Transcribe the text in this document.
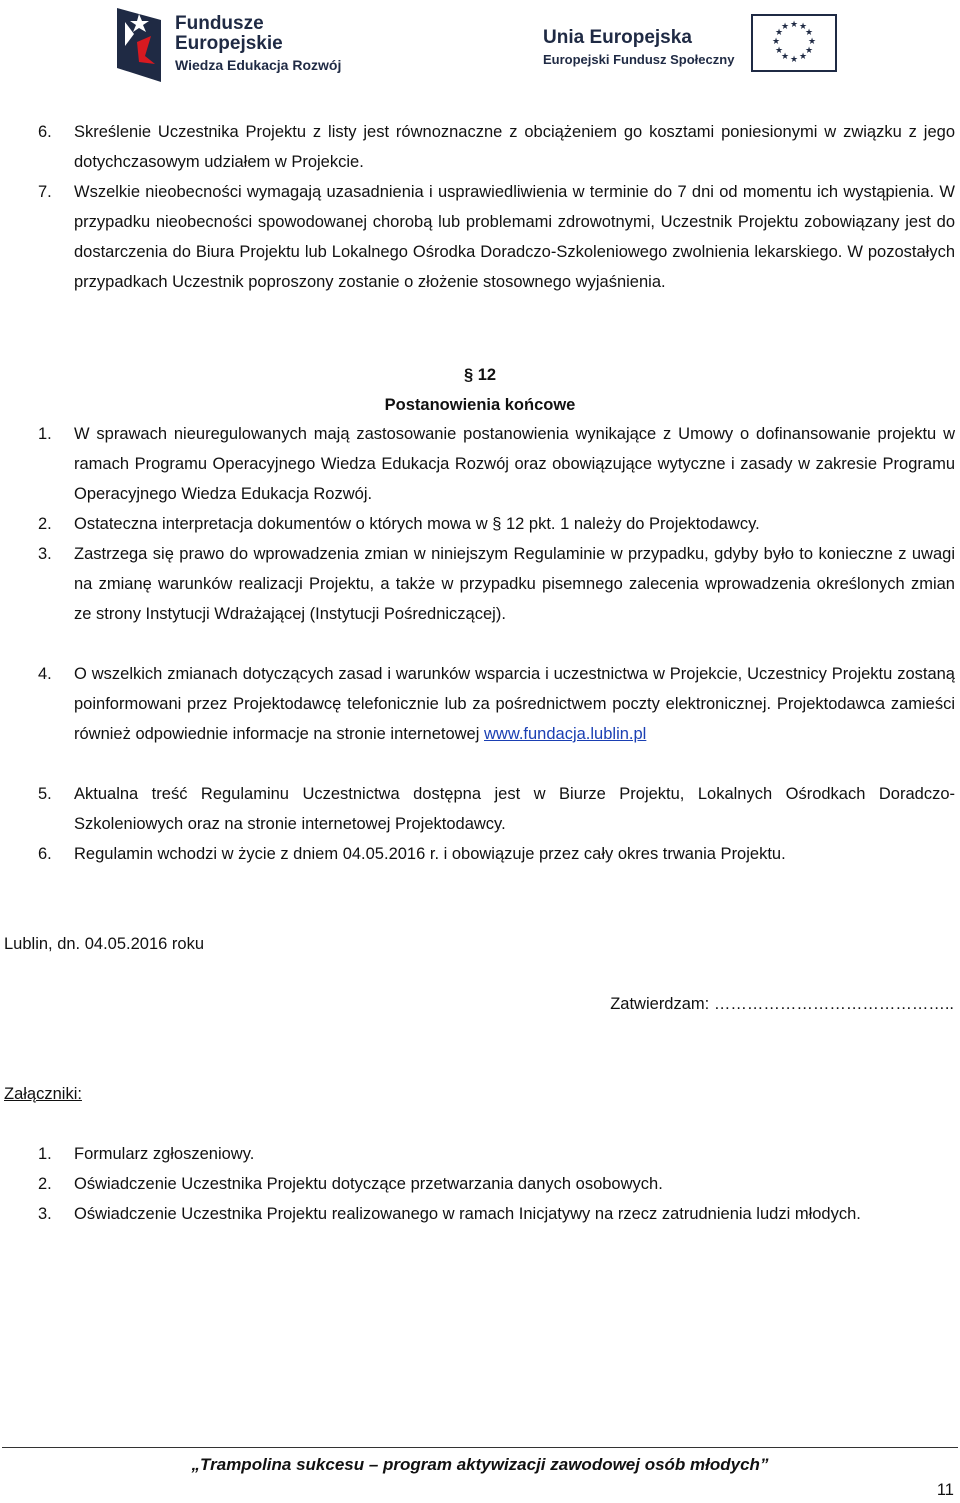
Fundusze
Europejskie
Wiedza Edukacja Rozwój
Unia Europejska
Europejski Fundusz Społeczny
★ ★
★
★
★
★
★
★
★
★
★
★
6.	Skreślenie Uczestnika Projektu z listy jest równoznaczne z obciążeniem go kosztami poniesionymi w związku z jego dotychczasowym udziałem w Projekcie.
7.	Wszelkie nieobecności wymagają uzasadnienia i usprawiedliwienia w terminie do 7 dni od momentu ich wystąpienia. W przypadku nieobecności spowodowanej chorobą lub problemami zdrowotnymi, Uczestnik Projektu zobowiązany jest do dostarczenia do Biura Projektu lub Lokalnego Ośrodka Doradczo-Szkoleniowego zwolnienia lekarskiego. W pozostałych przypadkach Uczestnik poproszony zostanie o złożenie stosownego wyjaśnienia.
§ 12
Postanowienia końcowe
1.	W sprawach nieuregulowanych mają zastosowanie postanowienia wynikające z Umowy o dofinansowanie projektu w ramach Programu Operacyjnego Wiedza Edukacja Rozwój oraz obowiązujące wytyczne i zasady w zakresie Programu Operacyjnego Wiedza Edukacja Rozwój.
2.	Ostateczna interpretacja dokumentów o których mowa w § 12 pkt. 1 należy do Projektodawcy.
3.	Zastrzega się prawo do wprowadzenia zmian w niniejszym Regulaminie w przypadku, gdyby było to konieczne z uwagi na zmianę warunków realizacji Projektu, a także w przypadku pisemnego zalecenia wprowadzenia określonych zmian ze strony Instytucji Wdrażającej (Instytucji Pośredniczącej).
4.	O wszelkich zmianach dotyczących zasad i warunków wsparcia i uczestnictwa w Projekcie, Uczestnicy Projektu zostaną poinformowani przez Projektodawcę telefonicznie lub za pośrednictwem poczty elektronicznej. Projektodawca zamieści również odpowiednie informacje na stronie internetowej www.fundacja.lublin.pl
5.	Aktualna treść Regulaminu Uczestnictwa dostępna jest w Biurze Projektu, Lokalnych Ośrodkach Doradczo-Szkoleniowych oraz na stronie internetowej Projektodawcy.
6.	Regulamin wchodzi w życie z dniem 04.05.2016 r. i obowiązuje przez cały okres trwania Projektu.
Lublin, dn. 04.05.2016 roku
Zatwierdzam: ……………………………………..
Załączniki:
1.	Formularz zgłoszeniowy.
2.	Oświadczenie Uczestnika Projektu dotyczące przetwarzania danych osobowych.
3.	Oświadczenie Uczestnika Projektu realizowanego w ramach Inicjatywy na rzecz zatrudnienia ludzi młodych.
„Trampolina sukcesu – program aktywizacji zawodowej osób młodych”
11
